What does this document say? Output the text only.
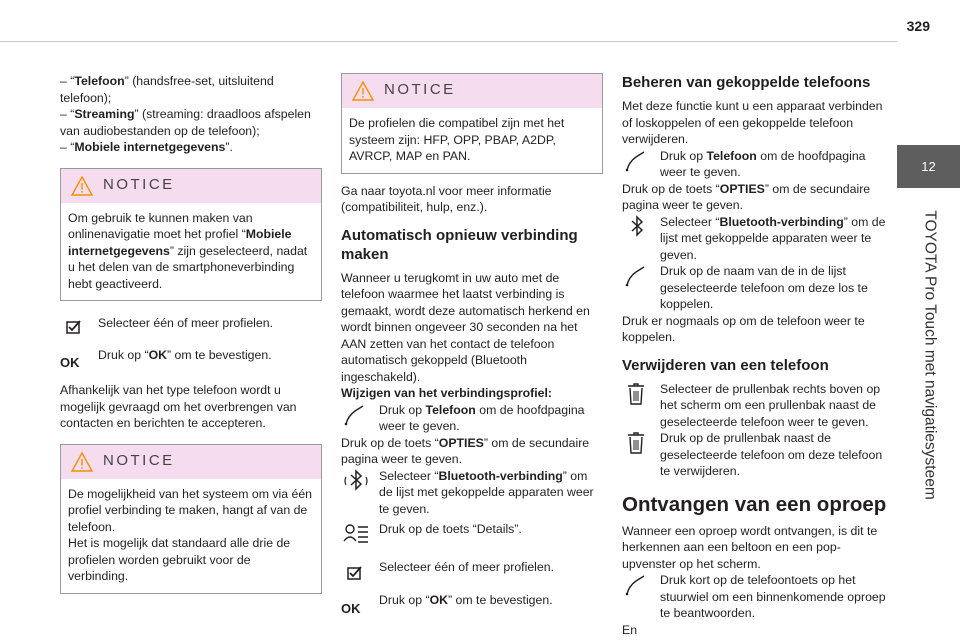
329
12
TOYOTA Pro Touch met navigatiesysteem

– “Telefoon” (handsfree-set, uitsluitend telefoon);

– “Streaming” (streaming: draadloos afspelen van audiobestanden op de telefoon);

– “Mobiele internetgegevens”.

NOTICE
Om gebruik te kunnen maken van onlinenavigatie moet het profiel “Mobiele internetgegevens” zijn geselecteerd, nadat u het delen van de smartphoneverbinding hebt geactiveerd.
Selecteer één of meer profielen.
OK	Druk op “OK” om te bevestigen.

Afhankelijk van het type telefoon wordt u mogelijk gevraagd om het overbrengen van contacten en berichten te accepteren.

NOTICE

De mogelijkheid van het systeem om via één profiel verbinding te maken, hangt af van de telefoon.

Het is mogelijk dat standaard alle drie de profielen worden gebruikt voor de verbinding.

NOTICE
De profielen die compatibel zijn met het systeem zijn: HFP, OPP, PBAP, A2DP, AVRCP, MAP en PAN.

Ga naar toyota.nl voor meer informatie (compatibiliteit, hulp, enz.).

Automatisch opnieuw verbinding maken

Wanneer u terugkomt in uw auto met de telefoon waarmee het laatst verbinding is gemaakt, wordt deze automatisch herkend en wordt binnen ongeveer 30 seconden na het AAN zetten van het contact de telefoon automatisch gekoppeld (Bluetooth ingeschakeld).

Wijzigen van het verbindingsprofiel:

Druk op Telefoon om de hoofdpagina weer te geven.

Druk op de toets “OPTIES” om de secundaire pagina weer te geven.

Selecteer “Bluetooth-verbinding” om de lijst met gekoppelde apparaten weer te geven.
Druk op de toets “Details”.
Selecteer één of meer profielen.
OK
Druk op “OK” om te bevestigen.

Beheren van gekoppelde telefoons

Met deze functie kunt u een apparaat verbinden of loskoppelen of een gekoppelde telefoon verwijderen.

Druk op Telefoon om de hoofdpagina weer te geven.

Druk op de toets “OPTIES” om de secundaire pagina weer te geven.

Selecteer “Bluetooth-verbinding” om de lijst met gekoppelde apparaten weer te geven.
Druk op de naam van de in de lijst geselecteerde telefoon om deze los te koppelen.

Druk er nogmaals op om de telefoon weer te koppelen.

Verwijderen van een telefoon

Selecteer de prullenbak rechts boven op het scherm om een prullenbak naast de geselecteerde telefoon weer te geven.
Druk op de prullenbak naast de geselecteerde telefoon om deze telefoon te verwijderen.

Ontvangen van een oproep

Wanneer een oproep wordt ontvangen, is dit te herkennen aan een beltoon en een pop-upvenster op het scherm.

Druk kort op de telefoontoets op het stuurwiel om een binnenkomende oproep te beantwoorden.

En
